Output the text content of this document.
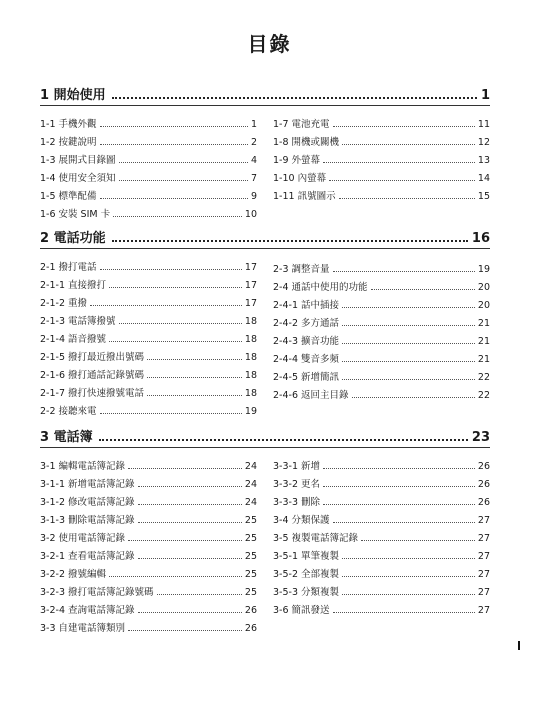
目錄
1 開始使用	1
1-1 手機外觀	1
1-2 按鍵說明	2
1-3 展開式目錄圖	4
1-4 使用安全須知	7
1-5 標準配備	9
1-6 安裝 SIM 卡	10
1-7 電池充電	11
1-8 開機或關機	12
1-9 外螢幕	13
1-10 內螢幕	14
1-11 訊號圖示	15
2 電話功能	16
2-1 撥打電話	17
2-1-1 直接撥打	17
2-1-2 重撥	17
2-1-3 電話簿撥號	18
2-1-4 語音撥號	18
2-1-5 撥打最近撥出號碼	18
2-1-6 撥打通話記錄號碼	18
2-1-7 撥打快速撥號電話	18
2-2 接聽來電	19
2-3 調整音量	19
2-4 通話中使用的功能	20
2-4-1 話中插接	20
2-4-2 多方通話	21
2-4-3 擴音功能	21
2-4-4 雙音多頻	21
2-4-5 新增簡訊	22
2-4-6 返回主目錄	22
3 電話簿	23
3-1 編輯電話簿記錄	24
3-1-1 新增電話簿記錄	24
3-1-2 修改電話簿記錄	24
3-1-3 刪除電話簿記錄	25
3-2 使用電話簿記錄	25
3-2-1 查看電話簿記錄	25
3-2-2 撥號編輯	25
3-2-3 撥打電話簿記錄號碼	25
3-2-4 查詢電話簿記錄	26
3-3 自建電話簿類別	26
3-3-1 新增	26
3-3-2 更名	26
3-3-3 刪除	26
3-4 分類保護	27
3-5 複製電話簿記錄	27
3-5-1 單筆複製	27
3-5-2 全部複製	27
3-5-3 分類複製	27
3-6 簡訊發送	27
